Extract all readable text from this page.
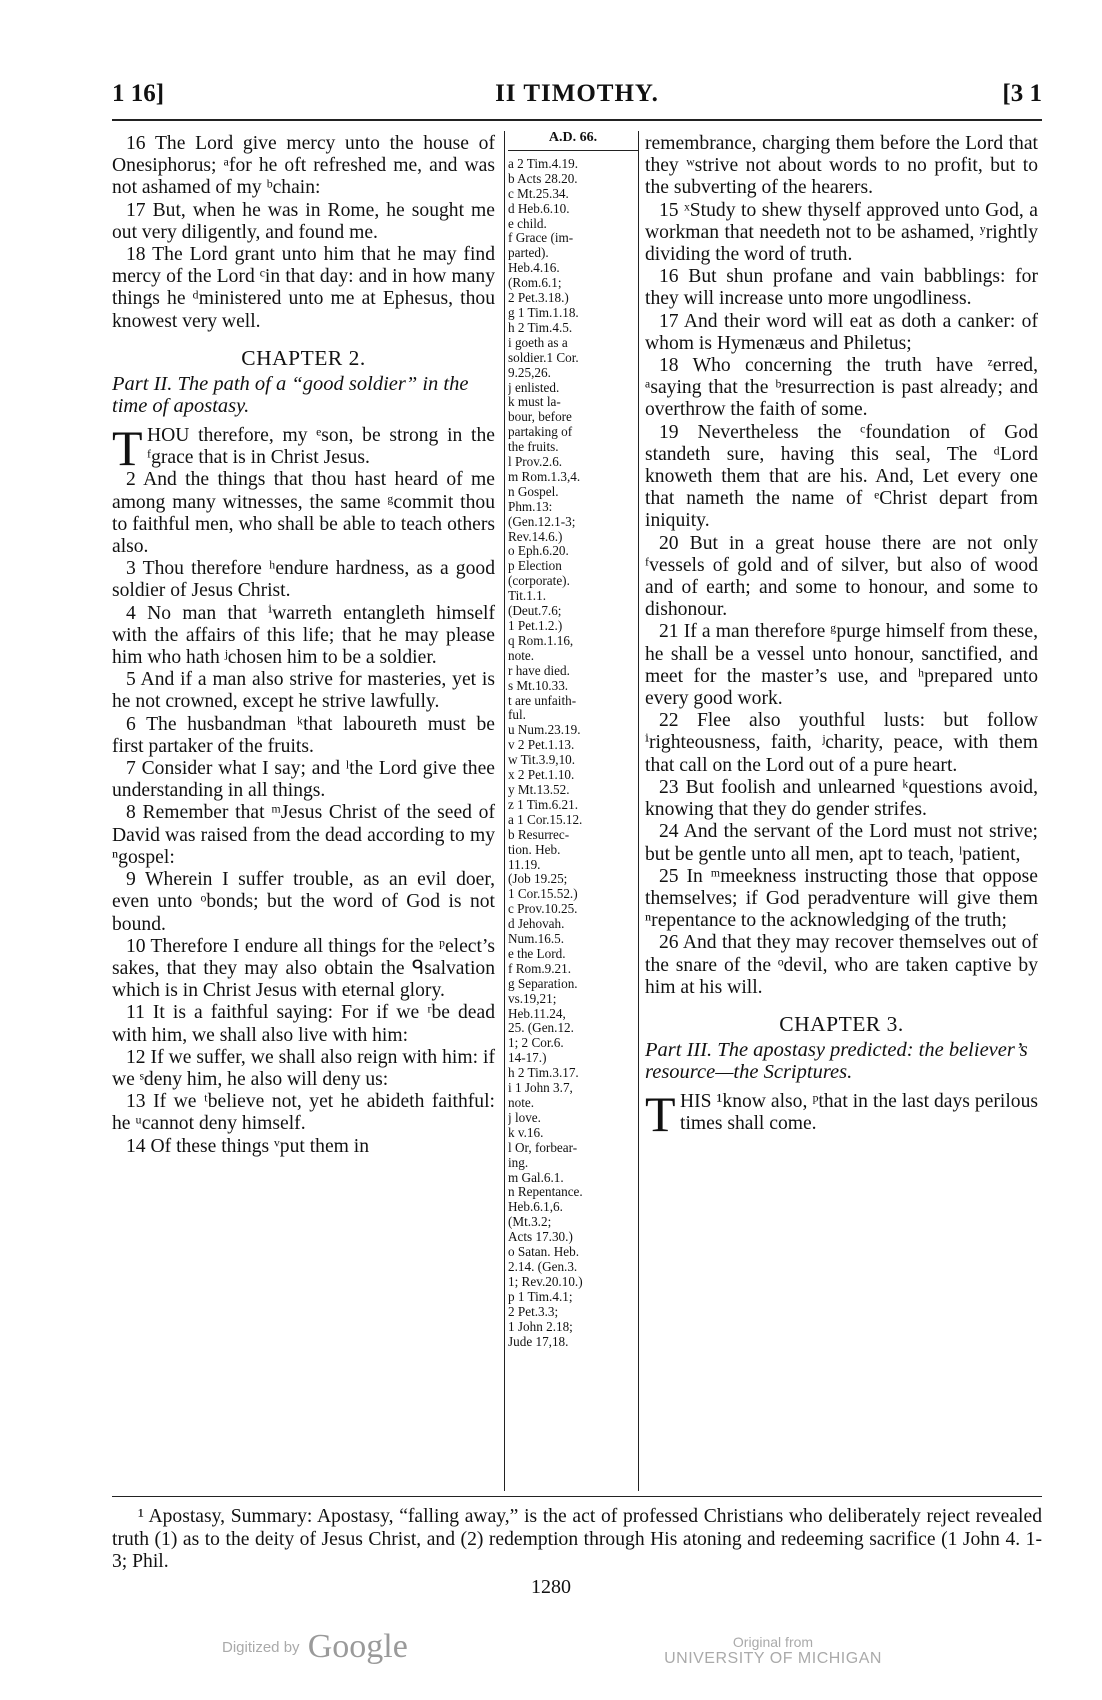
1 16]	II TIMOTHY.	[3 1

16 The Lord give mercy unto the house of Onesiphorus; ᵃfor he oft refreshed me, and was not ashamed of my ᵇchain:

17 But, when he was in Rome, he sought me out very diligently, and found me.

18 The Lord grant unto him that he may find mercy of the Lord ᶜin that day: and in how many things he ᵈministered unto me at Ephesus, thou knowest very well.

CHAPTER 2.
Part II. The path of a “good soldier” in the time of apostasy.

T HOU therefore, my ᵉson, be strong in the ᶠgrace that is in Christ Jesus.

2 And the things that thou hast heard of me among many witnesses, the same ᵍcommit thou to faithful men, who shall be able to teach others also.

3 Thou therefore ʰendure hardness, as a good soldier of Jesus Christ.

4 No man that ⁱwarreth entangleth himself with the affairs of this life; that he may please him who hath ʲchosen him to be a soldier.

5 And if a man also strive for masteries, yet is he not crowned, except he strive lawfully.

6 The husbandman ᵏthat laboureth must be first partaker of the fruits.

7 Consider what I say; and ˡthe Lord give thee understanding in all things.

8 Remember that ᵐJesus Christ of the seed of David was raised from the dead according to my ⁿgospel:

9 Wherein I suffer trouble, as an evil doer, even unto ᵒbonds; but the word of God is not bound.

10 Therefore I endure all things for the ᵖelect’s sakes, that they may also obtain the ᑫsalvation which is in Christ Jesus with eternal glory.

11 It is a faithful saying: For if we ʳbe dead with him, we shall also live with him:

12 If we suffer, we shall also reign with him: if we ˢdeny him, he also will deny us:

13 If we ᵗbelieve not, yet he abideth faithful: he ᵘcannot deny himself.

14 Of these things ᵛput them in

A.D. 66.
a 2 Tim.4.19.
b Acts 28.20.
c Mt.25.34.
d Heb.6.10.
e child.
f Grace (im-
parted).
Heb.4.16.
(Rom.6.1;
2 Pet.3.18.)
g 1 Tim.1.18.
h 2 Tim.4.5.
i goeth as a
soldier.1 Cor.
9.25,26.
j enlisted.
k must la-
bour, before
partaking of
the fruits.
l Prov.2.6.
m Rom.1.3,4.
n Gospel.
Phm.13:
(Gen.12.1-3;
Rev.14.6.)
o Eph.6.20.
p Election
(corporate).
Tit.1.1.
(Deut.7.6;
1 Pet.1.2.)
q Rom.1.16,
note.
r have died.
s Mt.10.33.
t are unfaith-
ful.
u Num.23.19.
v 2 Pet.1.13.
w Tit.3.9,10.
x 2 Pet.1.10.
y Mt.13.52.
z 1 Tim.6.21.
a 1 Cor.15.12.
b Resurrec-
tion. Heb.
11.19.
(Job 19.25;
1 Cor.15.52.)
c Prov.10.25.
d Jehovah.
Num.16.5.
e the Lord.
f Rom.9.21.
g Separation.
vs.19,21;
Heb.11.24,
25. (Gen.12.
1; 2 Cor.6.
14-17.)
h 2 Tim.3.17.
i 1 John 3.7,
note.
j love.
k v.16.
l Or, forbear-
ing.
m Gal.6.1.
n Repentance.
Heb.6.1,6.
(Mt.3.2;
Acts 17.30.)
o Satan. Heb.
2.14. (Gen.3.
1; Rev.20.10.)
p 1 Tim.4.1;
2 Pet.3.3;
1 John 2.18;
Jude 17,18.

remembrance, charging them before the Lord that they ʷstrive not about words to no profit, but to the subverting of the hearers.

15 ˣStudy to shew thyself approved unto God, a workman that needeth not to be ashamed, ʸrightly dividing the word of truth.

16 But shun profane and vain babblings: for they will increase unto more ungodliness.

17 And their word will eat as doth a canker: of whom is Hymenæus and Philetus;

18 Who concerning the truth have ᶻerred, ᵃsaying that the ᵇresurrection is past already; and overthrow the faith of some.

19 Nevertheless the ᶜfoundation of God standeth sure, having this seal, The ᵈLord knoweth them that are his. And, Let every one that nameth the name of ᵉChrist depart from iniquity.

20 But in a great house there are not only ᶠvessels of gold and of silver, but also of wood and of earth; and some to honour, and some to dishonour.

21 If a man therefore ᵍpurge himself from these, he shall be a vessel unto honour, sanctified, and meet for the master’s use, and ʰprepared unto every good work.

22 Flee also youthful lusts: but follow ⁱrighteousness, faith, ʲcharity, peace, with them that call on the Lord out of a pure heart.

23 But foolish and unlearned ᵏquestions avoid, knowing that they do gender strifes.

24 And the servant of the Lord must not strive; but be gentle unto all men, apt to teach, ˡpatient,

25 In ᵐmeekness instructing those that oppose themselves; if God peradventure will give them ⁿrepentance to the acknowledging of the truth;

26 And that they may recover themselves out of the snare of the ᵒdevil, who are taken captive by him at his will.

CHAPTER 3.
Part III. The apostasy predicted: the believer’s resource—the Scriptures.

T HIS ¹know also, ᵖthat in the last days perilous times shall come.

¹ Apostasy, Summary: Apostasy, “falling away,” is the act of professed Christians who deliberately reject revealed truth (1) as to the deity of Jesus Christ, and (2) redemption through His atoning and redeeming sacrifice (1 John 4. 1-3; Phil.
1280
Digitized by Google	Original from
UNIVERSITY OF MICHIGAN
